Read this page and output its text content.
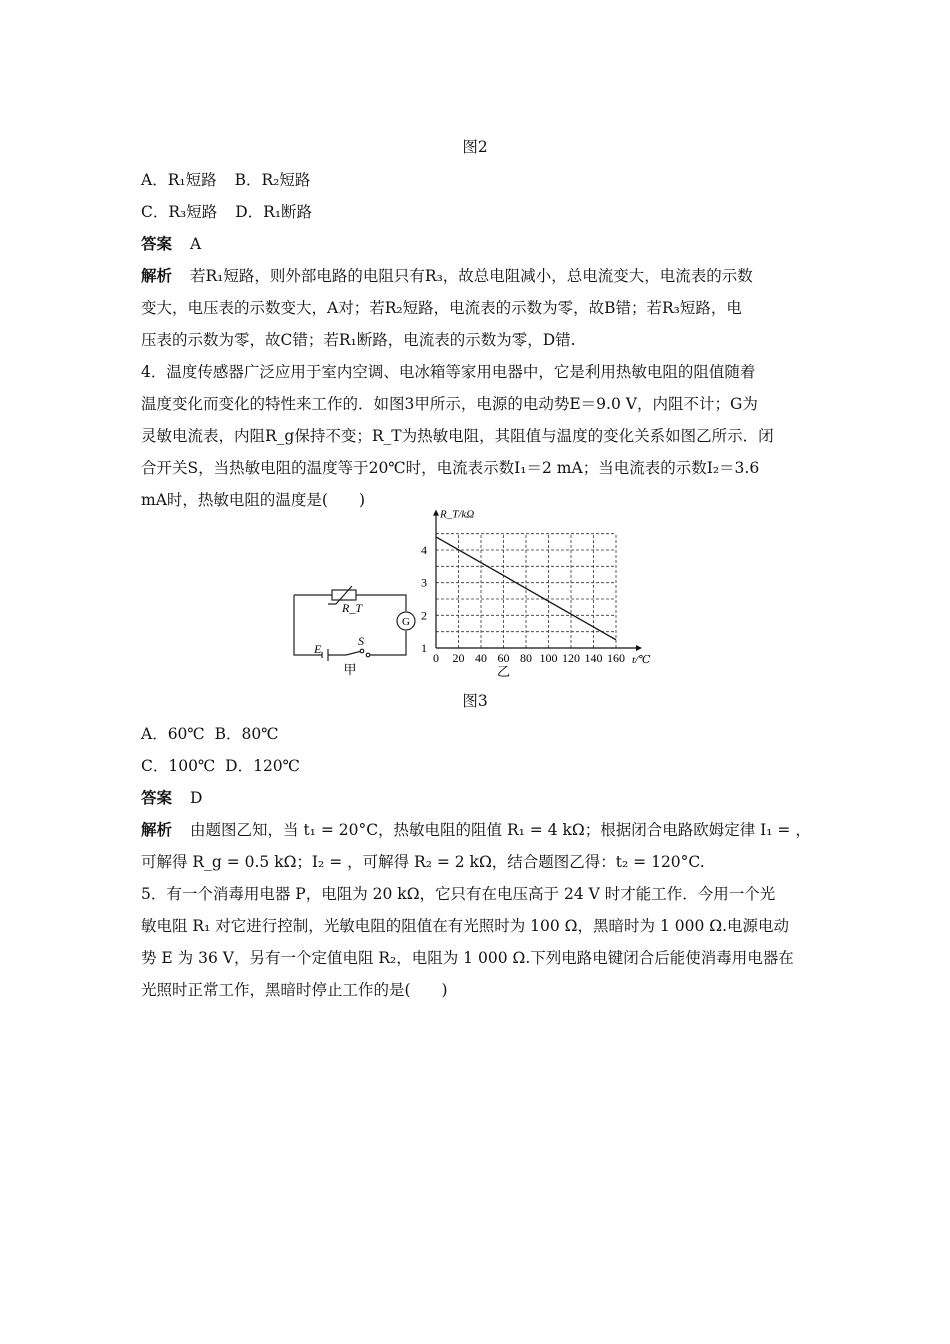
图2
A．R₁短路 B．R₂短路
C．R₃短路 D．R₁断路
答案 A
解析 若R₁短路，则外部电路的电阻只有R₃，故总电阻减小，总电流变大，电流表的示数
变大，电压表的示数变大，A对；若R₂短路，电流表的示数为零，故B错；若R₃短路，电
压表的示数为零，故C错；若R₁断路，电流表的示数为零，D错.
4．温度传感器广泛应用于室内空调、电冰箱等家用电器中，它是利用热敏电阻的阻值随着
温度变化而变化的特性来工作的．如图3甲所示，电源的电动势E＝9.0 V，内阻不计；G为
灵敏电流表，内阻R_g保持不变；R_T为热敏电阻，其阻值与温度的变化关系如图乙所示．闭
合开关S，当热敏电阻的温度等于20℃时，电流表示数I₁＝2 mA；当电流表的示数I₂＝3.6
mA时，热敏电阻的温度是(　　)
R_T
G
E
S
甲
0 20 40 60 80 100 120 140 160
1
2
3
4
R_T/kΩ
t/℃
乙
图3
A．60℃ B．80℃
C．100℃ D．120℃
答案 D
解析 由题图乙知，当 t₁ = 20°C，热敏电阻的阻值 R₁ = 4 kΩ；根据闭合电路欧姆定律 I₁ = ，
可解得 R_g = 0.5 kΩ；I₂ = ，可解得 R₂ = 2 kΩ，结合题图乙得：t₂ = 120°C.
5．有一个消毒用电器 P，电阻为 20 kΩ，它只有在电压高于 24 V 时才能工作．今用一个光
敏电阻 R₁ 对它进行控制，光敏电阻的阻值在有光照时为 100 Ω，黑暗时为 1 000 Ω.电源电动
势 E 为 36 V，另有一个定值电阻 R₂，电阻为 1 000 Ω.下列电路电键闭合后能使消毒用电器在
光照时正常工作，黑暗时停止工作的是(　　)
